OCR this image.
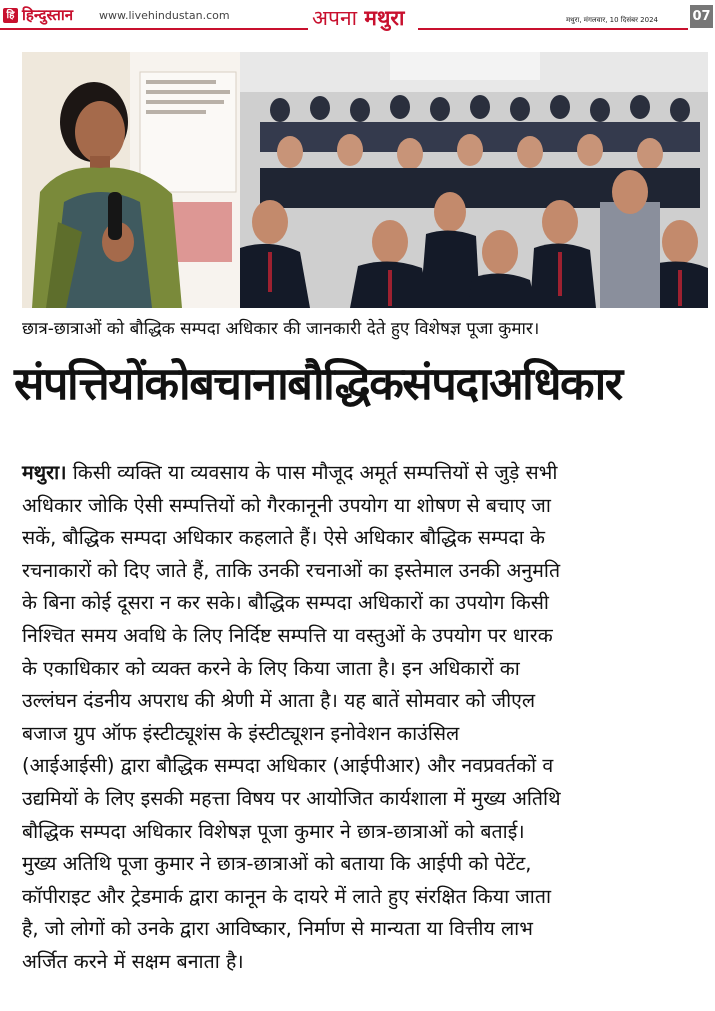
हि हिन्दुस्तान www.livehindustan.com	अपना मथुरा	मथुरा, मंगलवार, 10 दिसंबर 2024	07
छात्र-छात्राओं को बौद्धिक सम्पदा अधिकार की जानकारी देते हुए विशेषज्ञ पूजा कुमार।
संपत्तियोंकोबचानाबौद्धिकसंपदाअधिकार
मथुरा। किसी व्यक्ति या व्यवसाय के पास मौजूद अमूर्त सम्पत्तियों से जुड़े सभी
अधिकार जोकि ऐसी सम्पत्तियों को गैरकानूनी उपयोग या शोषण से बचाए जा
सकें, बौद्धिक सम्पदा अधिकार कहलाते हैं। ऐसे अधिकार बौद्धिक सम्पदा के
रचनाकारों को दिए जाते हैं, ताकि उनकी रचनाओं का इस्तेमाल उनकी अनुमति
के बिना कोई दूसरा न कर सके। बौद्धिक सम्पदा अधिकारों का उपयोग किसी
निश्चित समय अवधि के लिए निर्दिष्ट सम्पत्ति या वस्तुओं के उपयोग पर धारक
के एकाधिकार को व्यक्त करने के लिए किया जाता है। इन अधिकारों का
उल्लंघन दंडनीय अपराध की श्रेणी में आता है। यह बातें सोमवार को जीएल
बजाज ग्रुप ऑफ इंस्टीट्यूशंस के इंस्टीट्यूशन इनोवेशन काउंसिल
(आईआईसी) द्वारा बौद्धिक सम्पदा अधिकार (आईपीआर) और नवप्रवर्तकों व
उद्यमियों के लिए इसकी महत्ता विषय पर आयोजित कार्यशाला में मुख्य अतिथि
बौद्धिक सम्पदा अधिकार विशेषज्ञ पूजा कुमार ने छात्र-छात्राओं को बताई।
मुख्य अतिथि पूजा कुमार ने छात्र-छात्राओं को बताया कि आईपी को पेटेंट,
कॉपीराइट और ट्रेडमार्क द्वारा कानून के दायरे में लाते हुए संरक्षित किया जाता
है, जो लोगों को उनके द्वारा आविष्कार, निर्माण से मान्यता या वित्तीय लाभ
अर्जित करने में सक्षम बनाता है।
